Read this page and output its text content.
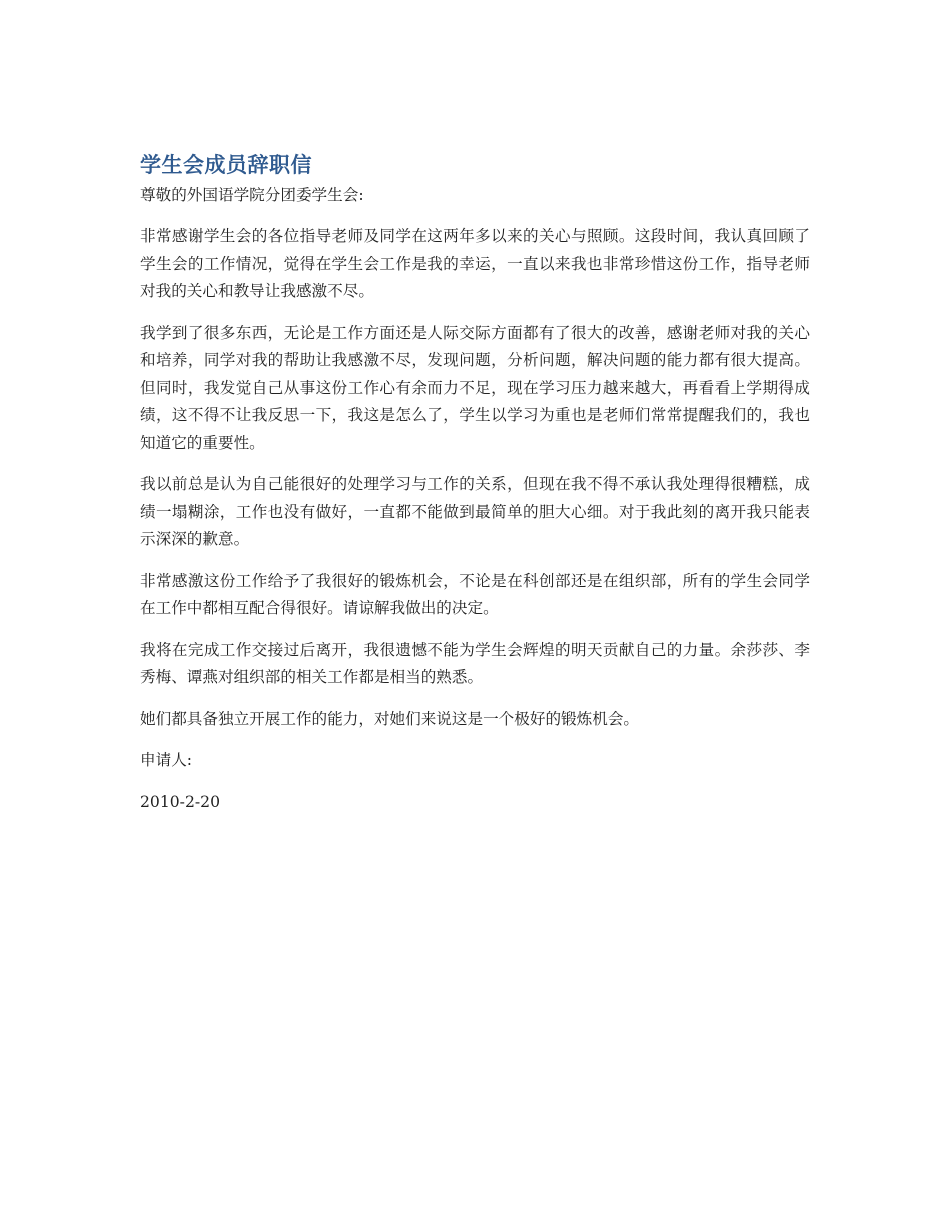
学生会成员辞职信

尊敬的外国语学院分团委学生会:

非常感谢学生会的各位指导老师及同学在这两年多以来的关心与照顾。这段时间，我认真回顾了学生会的工作情况，觉得在学生会工作是我的幸运，一直以来我也非常珍惜这份工作，指导老师对我的关心和教导让我感激不尽。

我学到了很多东西，无论是工作方面还是人际交际方面都有了很大的改善，感谢老师对我的关心和培养，同学对我的帮助让我感激不尽，发现问题，分析问题，解决问题的能力都有很大提高。但同时，我发觉自己从事这份工作心有余而力不足，现在学习压力越来越大，再看看上学期得成绩，这不得不让我反思一下，我这是怎么了，学生以学习为重也是老师们常常提醒我们的，我也知道它的重要性。

我以前总是认为自己能很好的处理学习与工作的关系，但现在我不得不承认我处理得很糟糕，成绩一塌糊涂，工作也没有做好，一直都不能做到最简单的胆大心细。对于我此刻的离开我只能表示深深的歉意。

非常感激这份工作给予了我很好的锻炼机会，不论是在科创部还是在组织部，所有的学生会同学在工作中都相互配合得很好。请谅解我做出的决定。

我将在完成工作交接过后离开，我很遗憾不能为学生会辉煌的明天贡献自己的力量。余莎莎、李秀梅、谭燕对组织部的相关工作都是相当的熟悉。

她们都具备独立开展工作的能力，对她们来说这是一个极好的锻炼机会。

申请人:

2010-2-20
